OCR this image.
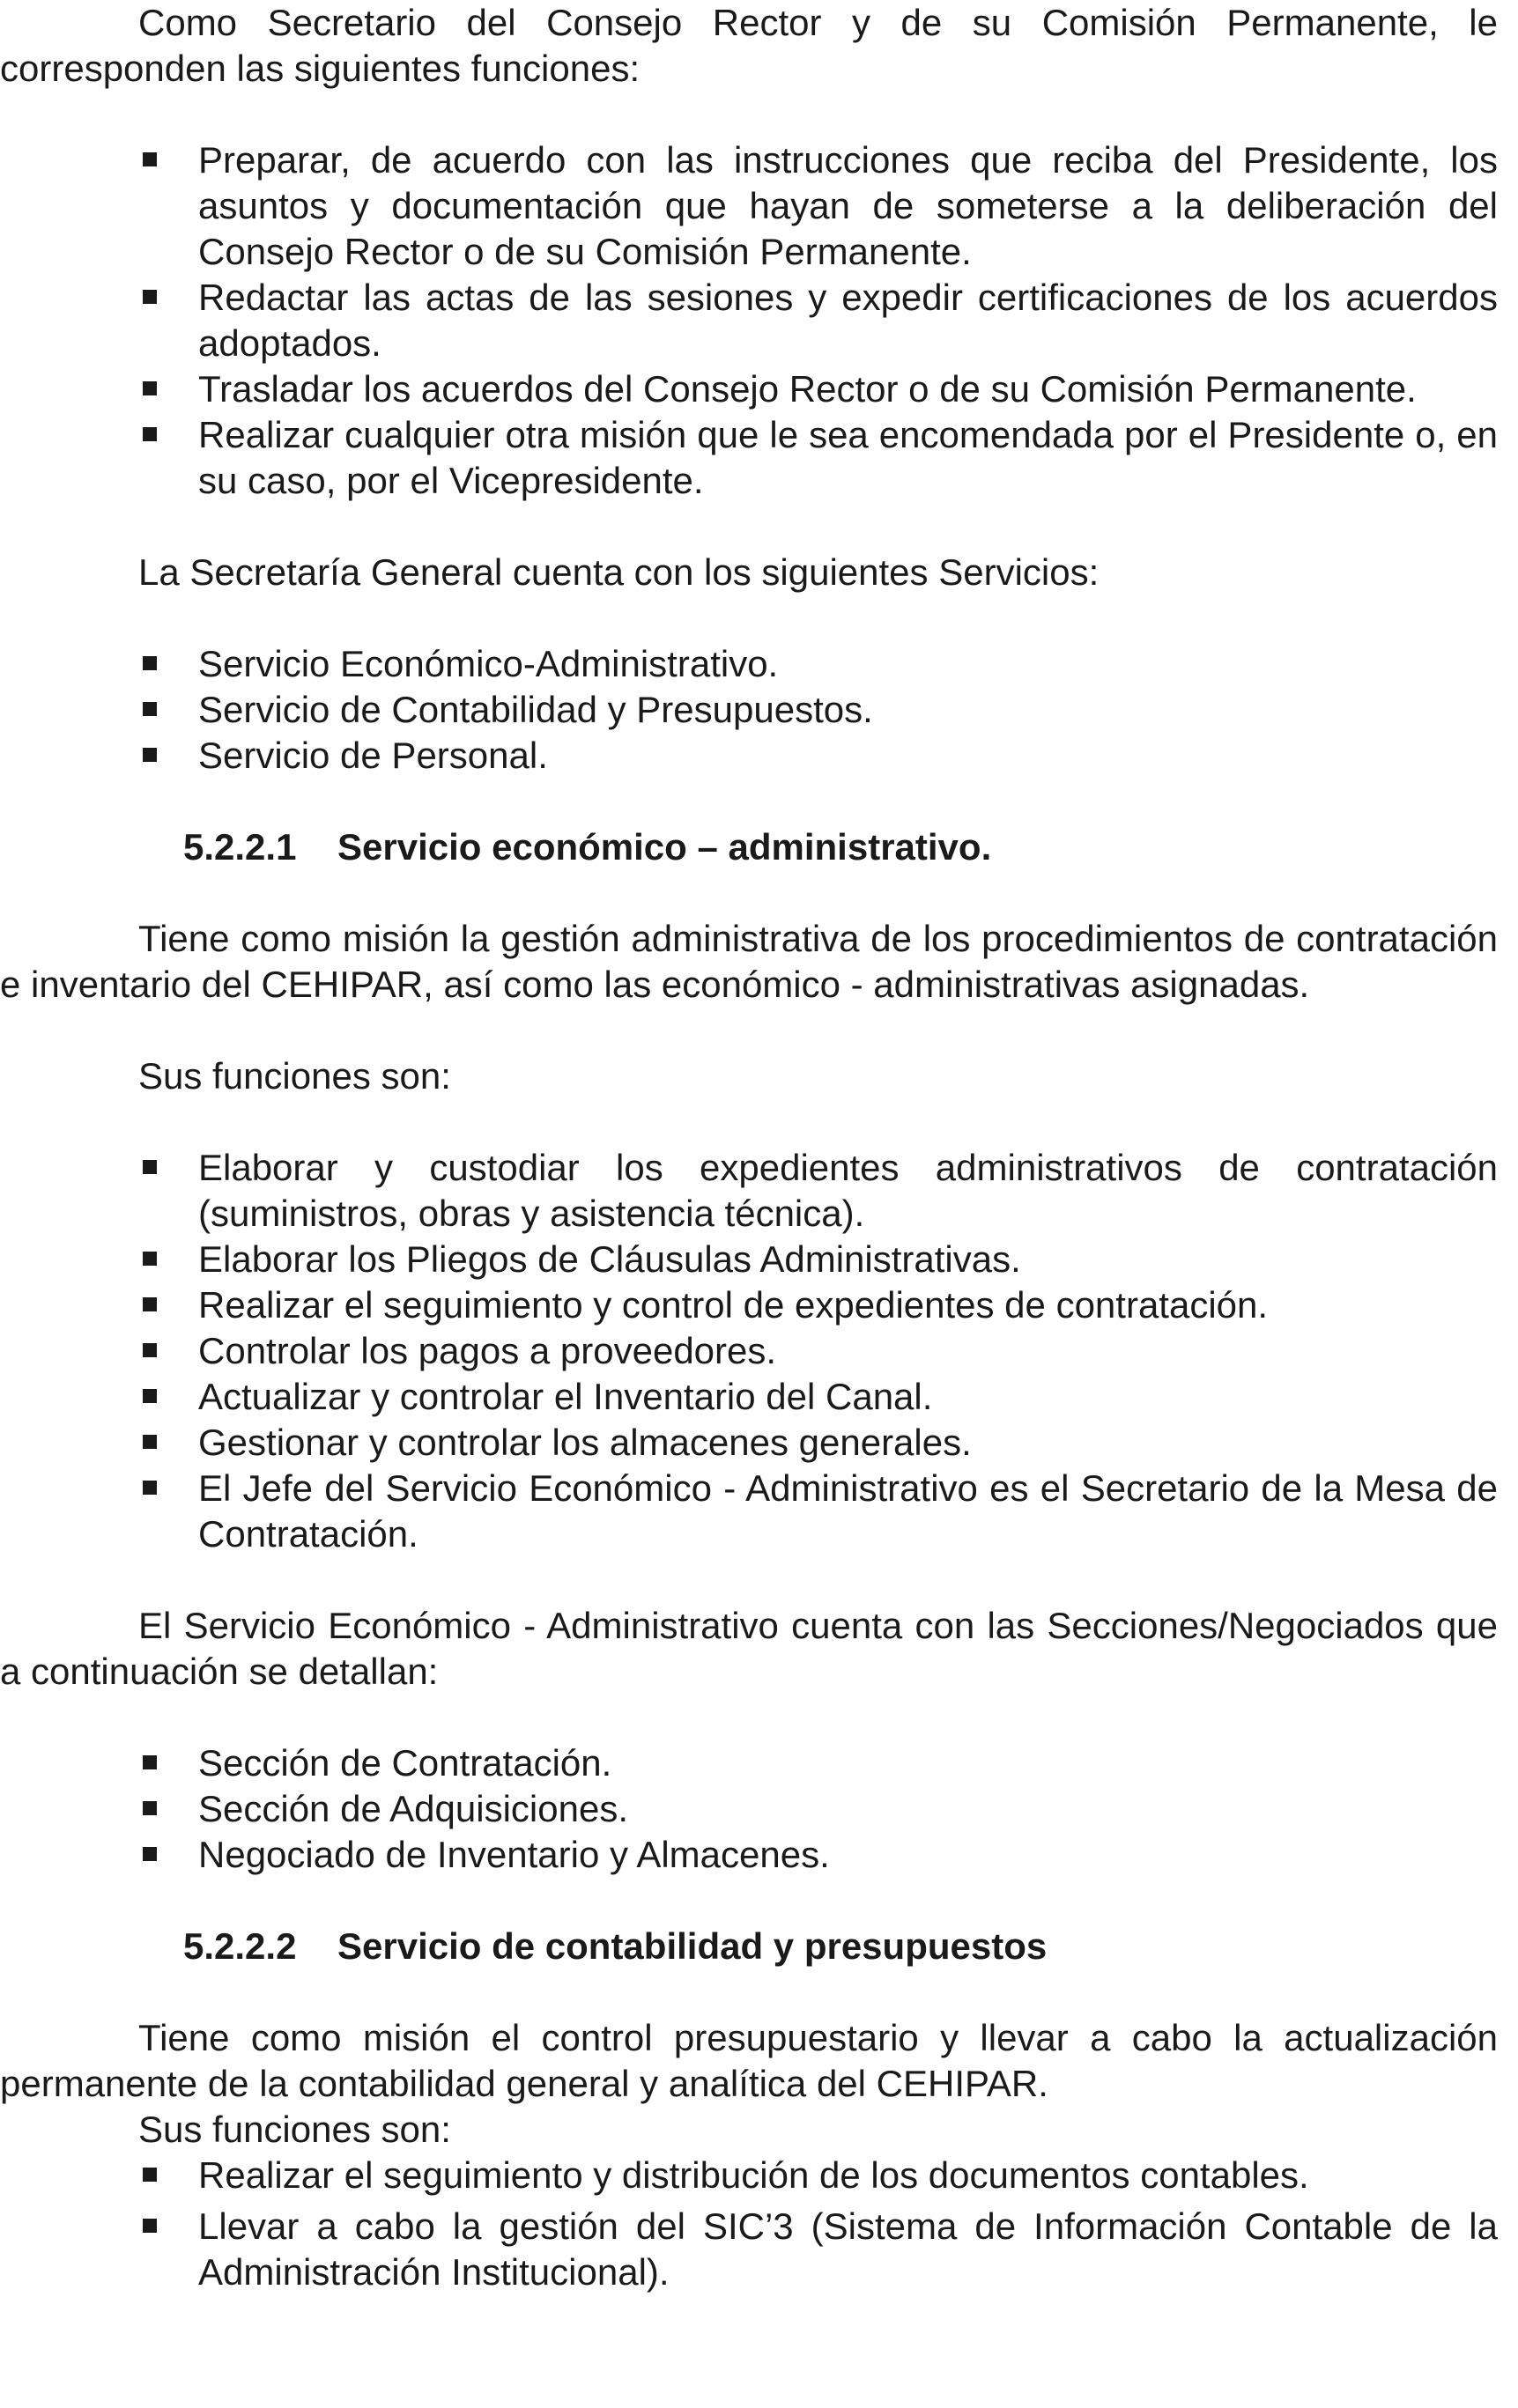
Como Secretario del Consejo Rector y de su Comisión Permanente, le corresponden las siguientes funciones:

Preparar, de acuerdo con las instrucciones que reciba del Presidente, los asuntos y documentación que hayan de someterse a la deliberación del Consejo Rector o de su Comisión Permanente.
Redactar las actas de las sesiones y expedir certificaciones de los acuerdos adoptados.
Trasladar los acuerdos del Consejo Rector o de su Comisión Permanente.
Realizar cualquier otra misión que le sea encomendada por el Presidente o, en su caso, por el Vicepresidente.

La Secretaría General cuenta con los siguientes Servicios:

Servicio Económico-Administrativo.
Servicio de Contabilidad y Presupuestos.
Servicio de Personal.
5.2.2.1 Servicio económico – administrativo.

Tiene como misión la gestión administrativa de los procedimientos de contratación e inventario del CEHIPAR, así como las económico - administrativas asignadas.

Sus funciones son:

Elaborar y custodiar los expedientes administrativos de contratación (suministros, obras y asistencia técnica).
Elaborar los Pliegos de Cláusulas Administrativas.
Realizar el seguimiento y control de expedientes de contratación.
Controlar los pagos a proveedores.
Actualizar y controlar el Inventario del Canal.
Gestionar y controlar los almacenes generales.
El Jefe del Servicio Económico - Administrativo es el Secretario de la Mesa de Contratación.

El Servicio Económico - Administrativo cuenta con las Secciones/Negociados que a continuación se detallan:

Sección de Contratación.
Sección de Adquisiciones.
Negociado de Inventario y Almacenes.
5.2.2.2 Servicio de contabilidad y presupuestos

Tiene como misión el control presupuestario y llevar a cabo la actualización permanente de la contabilidad general y analítica del CEHIPAR.

Sus funciones son:

Realizar el seguimiento y distribución de los documentos contables.
Llevar a cabo la gestión del SIC’3 (Sistema de Información Contable de la Administración Institucional).
